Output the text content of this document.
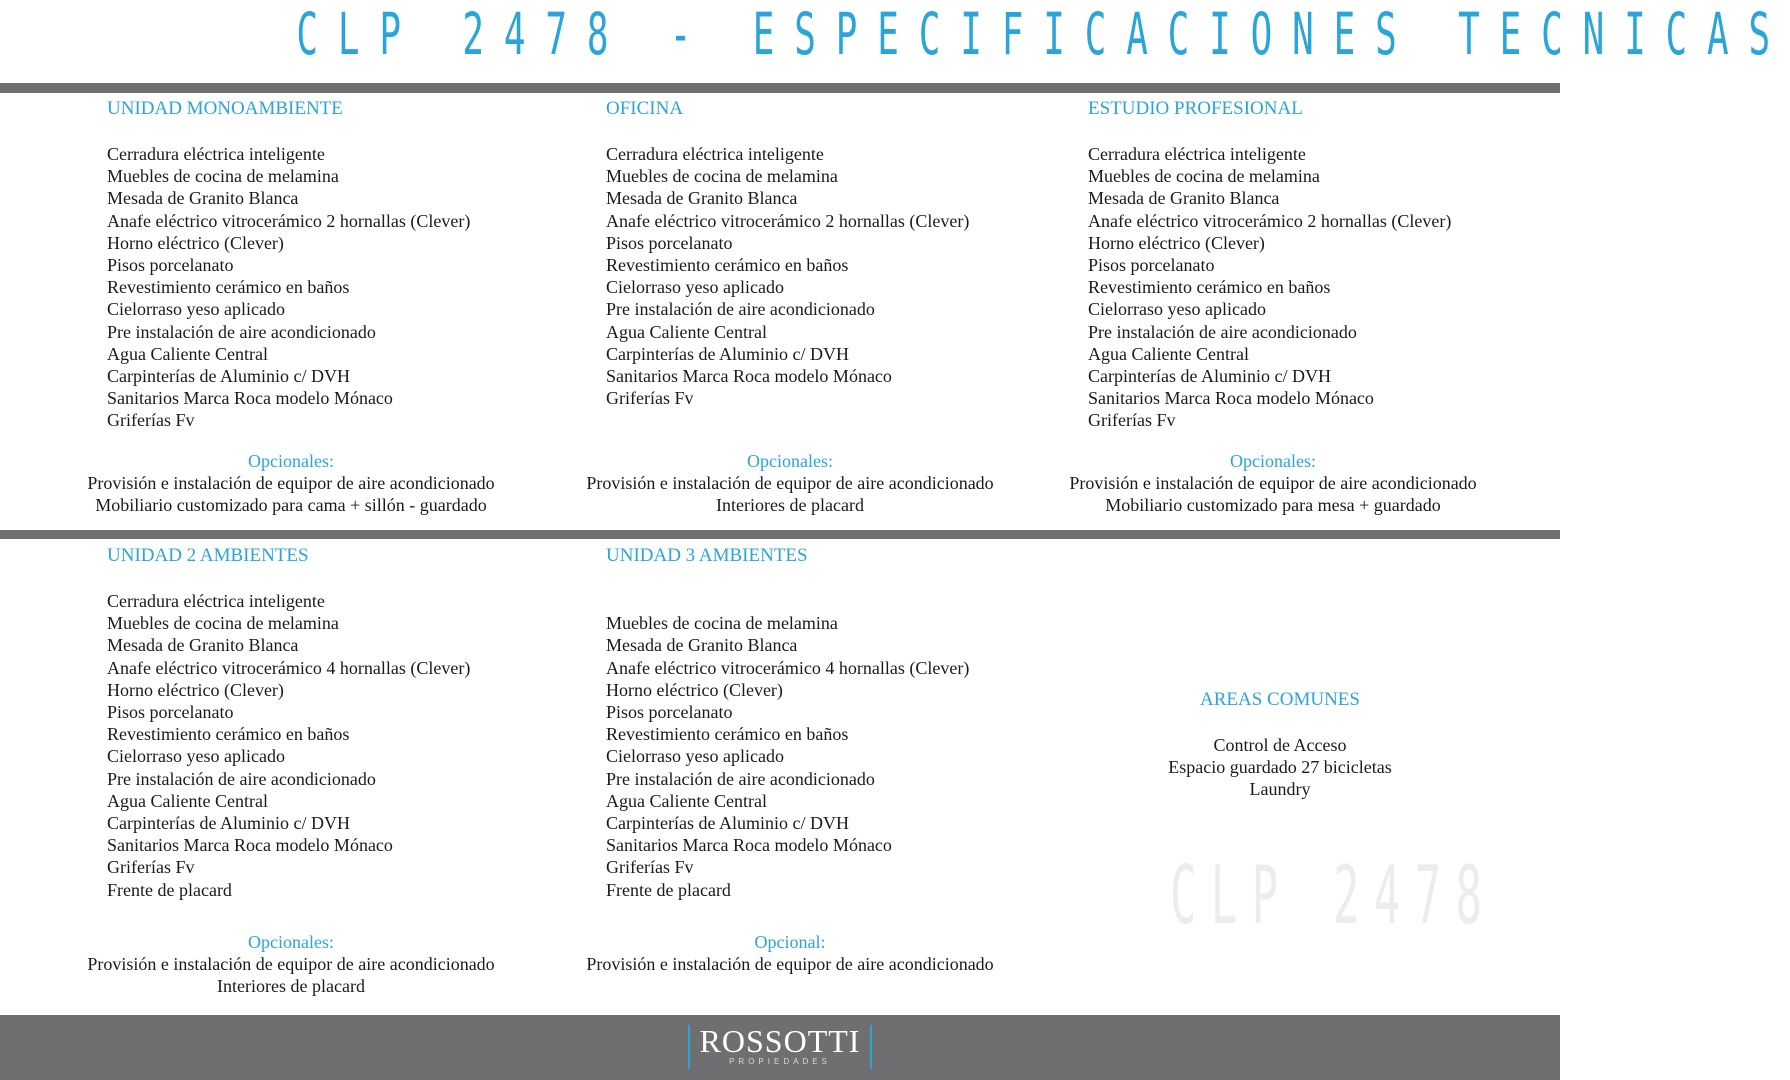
CLP 2478 - ESPECIFICACIONES TECNICAS
UNIDAD MONOAMBIENTE
Cerradura eléctrica inteligente
Muebles de cocina de melamina
Mesada de Granito Blanca
Anafe eléctrico vitrocerámico 2 hornallas (Clever)
Horno eléctrico (Clever)
Pisos porcelanato
Revestimiento cerámico en baños
Cielorraso yeso aplicado
Pre instalación de aire acondicionado
Agua Caliente Central
Carpinterías de Aluminio c/ DVH
Sanitarios Marca Roca modelo Mónaco
Griferías Fv
Opcionales:
Provisión e instalación de equipor de aire acondicionado
Mobiliario customizado para cama + sillón - guardado
OFICINA
Cerradura eléctrica inteligente
Muebles de cocina de melamina
Mesada de Granito Blanca
Anafe eléctrico vitrocerámico 2 hornallas (Clever)
Pisos porcelanato
Revestimiento cerámico en baños
Cielorraso yeso aplicado
Pre instalación de aire acondicionado
Agua Caliente Central
Carpinterías de Aluminio c/ DVH
Sanitarios Marca Roca modelo Mónaco
Griferías Fv
Opcionales:
Provisión e instalación de equipor de aire acondicionado
Interiores de placard
ESTUDIO PROFESIONAL
Cerradura eléctrica inteligente
Muebles de cocina de melamina
Mesada de Granito Blanca
Anafe eléctrico vitrocerámico 2 hornallas (Clever)
Horno eléctrico (Clever)
Pisos porcelanato
Revestimiento cerámico en baños
Cielorraso yeso aplicado
Pre instalación de aire acondicionado
Agua Caliente Central
Carpinterías de Aluminio c/ DVH
Sanitarios Marca Roca modelo Mónaco
Griferías Fv
Opcionales:
Provisión e instalación de equipor de aire acondicionado
Mobiliario customizado para mesa + guardado
UNIDAD 2 AMBIENTES
Cerradura eléctrica inteligente
Muebles de cocina de melamina
Mesada de Granito Blanca
Anafe eléctrico vitrocerámico 4 hornallas (Clever)
Horno eléctrico (Clever)
Pisos porcelanato
Revestimiento cerámico en baños
Cielorraso yeso aplicado
Pre instalación de aire acondicionado
Agua Caliente Central
Carpinterías de Aluminio c/ DVH
Sanitarios Marca Roca modelo Mónaco
Griferías Fv
Frente de placard
Opcionales:
Provisión e instalación de equipor de aire acondicionado
Interiores de placard
UNIDAD 3 AMBIENTES
Muebles de cocina de melamina
Mesada de Granito Blanca
Anafe eléctrico vitrocerámico 4 hornallas (Clever)
Horno eléctrico (Clever)
Pisos porcelanato
Revestimiento cerámico en baños
Cielorraso yeso aplicado
Pre instalación de aire acondicionado
Agua Caliente Central
Carpinterías de Aluminio c/ DVH
Sanitarios Marca Roca modelo Mónaco
Griferías Fv
Frente de placard
Opcional:
Provisión e instalación de equipor de aire acondicionado
AREAS COMUNES
Control de Acceso
Espacio guardado 27 bicicletas
Laundry
CLP 2478
ROSSOTTI
PROPIEDADES
